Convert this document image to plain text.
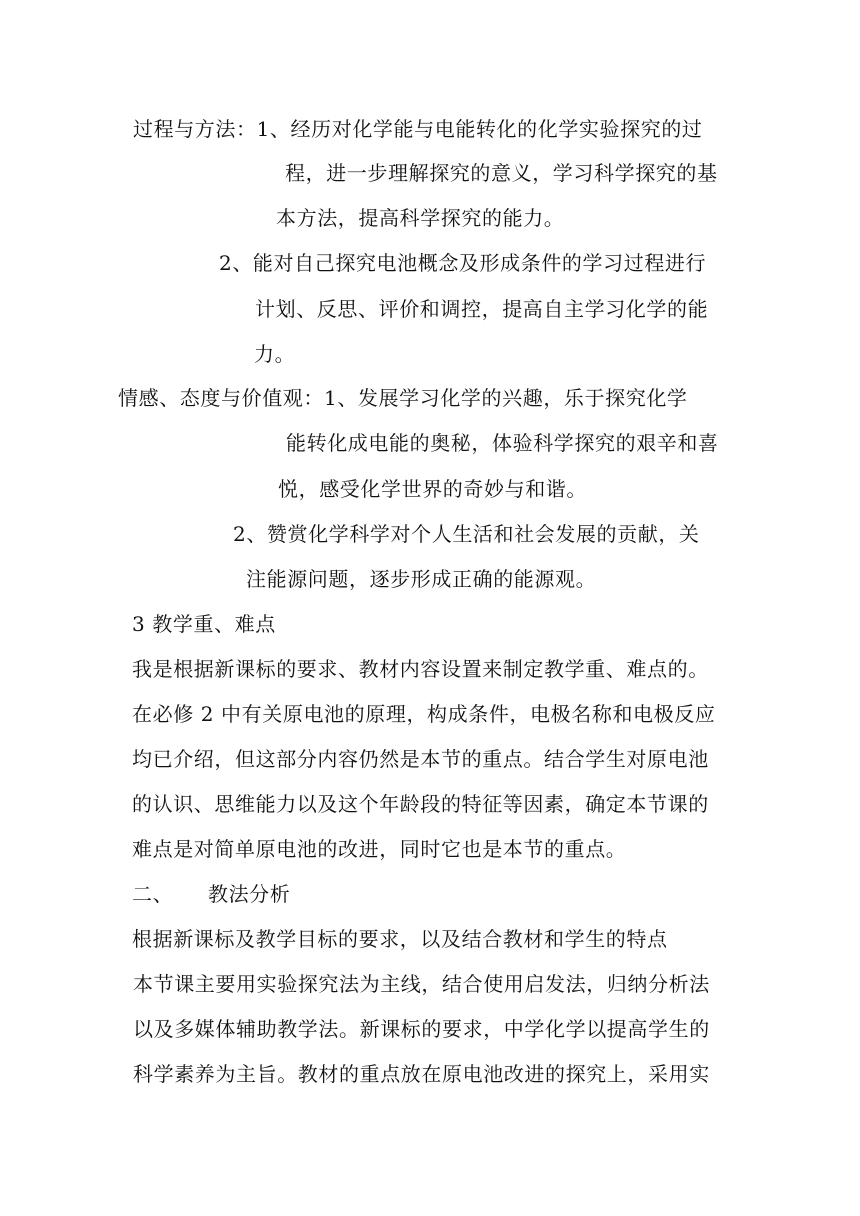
过程与方法：1、经历对化学能与电能转化的化学实验探究的过
程，进一步理解探究的意义，学习科学探究的基
本方法，提高科学探究的能力。
2、能对自己探究电池概念及形成条件的学习过程进行
计划、反思、评价和调控，提高自主学习化学的能
力。
情感、态度与价值观：1、发展学习化学的兴趣，乐于探究化学
能转化成电能的奥秘，体验科学探究的艰辛和喜
悦，感受化学世界的奇妙与和谐。
2、赞赏化学科学对个人生活和社会发展的贡献，关
注能源问题，逐步形成正确的能源观。
3 教学重、难点
我是根据新课标的要求、教材内容设置来制定教学重、难点的。
在必修 2 中有关原电池的原理，构成条件，电极名称和电极反应
均已介绍，但这部分内容仍然是本节的重点。结合学生对原电池
的认识、思维能力以及这个年龄段的特征等因素，确定本节课的
难点是对简单原电池的改进，同时它也是本节的重点。
二、     教法分析
根据新课标及教学目标的要求，以及结合教材和学生的特点
本节课主要用实验探究法为主线，结合使用启发法，归纳分析法
以及多媒体辅助教学法。新课标的要求，中学化学以提高学生的
科学素养为主旨。教材的重点放在原电池改进的探究上，采用实
